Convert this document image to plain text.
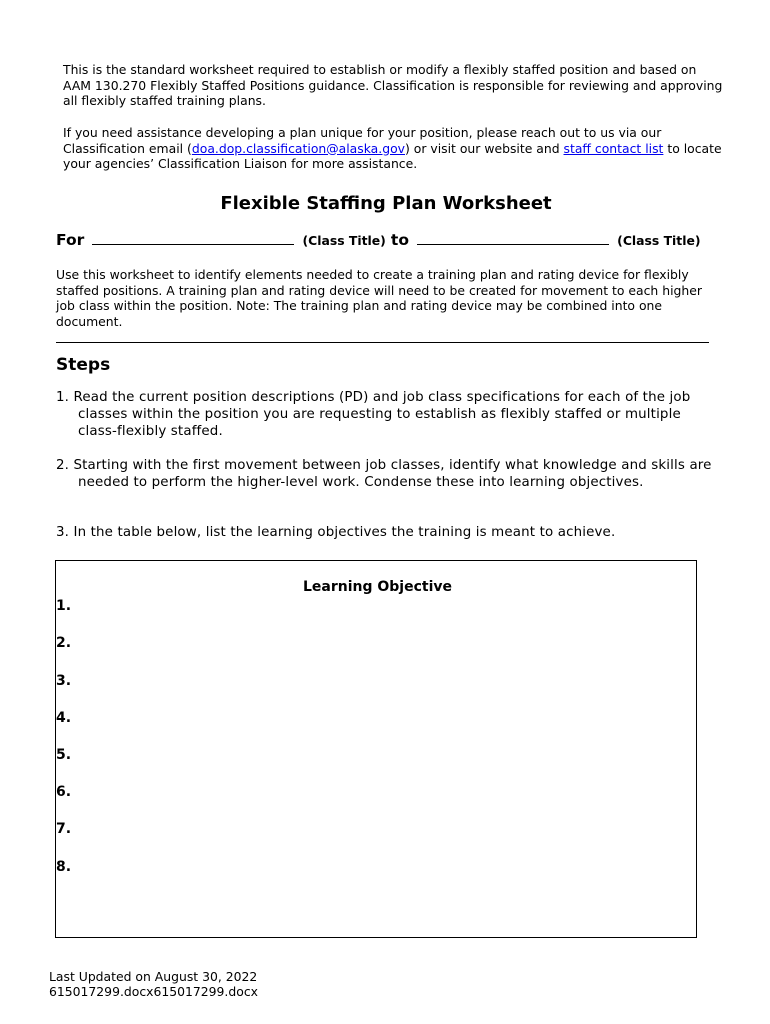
This is the standard worksheet required to establish or modify a flexibly staffed position and based on AAM 130.270 Flexibly Staffed Positions guidance. Classification is responsible for reviewing and approving all flexibly staffed training plans.
If you need assistance developing a plan unique for your position, please reach out to us via our Classification email (doa.dop.classification@alaska.gov) or visit our website and staff contact list to locate your agencies’ Classification Liaison for more assistance.
Flexible Staffing Plan Worksheet
For	(Class Title) to	(Class Title)
Use this worksheet to identify elements needed to create a training plan and rating device for flexibly staffed positions. A training plan and rating device will need to be created for movement to each higher job class within the position. Note: The training plan and rating device may be combined into one document.
Steps
1. Read the current position descriptions (PD) and job class specifications for each of the job classes within the position you are requesting to establish as flexibly staffed or multiple class-flexibly staffed.
2. Starting with the first movement between job classes, identify what knowledge and skills are needed to perform the higher-level work. Condense these into learning objectives.
3. In the table below, list the learning objectives the training is meant to achieve.
Learning Objective
1.
2.
3.
4.
5.
6.
7.
8.
Last Updated on August 30, 2022
615017299.docx615017299.docx
